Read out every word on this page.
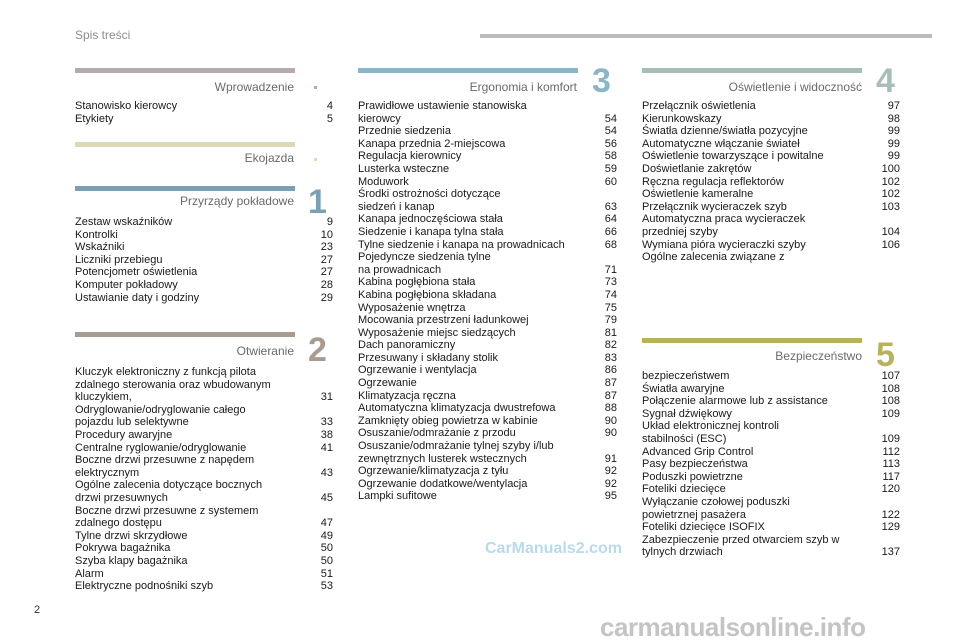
Spis treści
Wprowadzenie
Stanowisko kierowcy	4
Etykiety	5
Ekojazda
Przyrządy pokładowe 1
Zestaw wskaźników	9
Kontrolki	10
Wskaźniki	23
Liczniki przebiegu	27
Potencjometr oświetlenia	27
Komputer pokładowy	28
Ustawianie daty i godziny	29
Otwieranie 2
Kluczyk elektroniczny z funkcją pilota
zdalnego sterowania oraz wbudowanym
kluczykiem,	31
Odryglowanie/odryglowanie całego
pojazdu lub selektywne	33
Procedury awaryjne	38
Centralne ryglowanie/odryglowanie	41
Boczne drzwi przesuwne z napędem
elektrycznym	43
Ogólne zalecenia dotyczące bocznych
drzwi przesuwnych	45
Boczne drzwi przesuwne z systemem
zdalnego dostępu	47
Tylne drzwi skrzydłowe	49
Pokrywa bagażnika	50
Szyba klapy bagażnika	50
Alarm	51
Elektryczne podnośniki szyb	53
Ergonomia i komfort 3
Prawidłowe ustawienie stanowiska
kierowcy	54
Przednie siedzenia	54
Kanapa przednia 2-miejscowa	56
Regulacja kierownicy	58
Lusterka wsteczne	59
Moduwork	60
Środki ostrożności dotyczące
siedzeń i kanap	63
Kanapa jednoczęściowa stała	64
Siedzenie i kanapa tylna stała	66
Tylne siedzenie i kanapa na prowadnicach	68
Pojedyncze siedzenia tylne
na prowadnicach	71
Kabina pogłębiona stała	73
Kabina pogłębiona składana	74
Wyposażenie wnętrza	75
Mocowania przestrzeni ładunkowej	79
Wyposażenie miejsc siedzących	81
Dach panoramiczny	82
Przesuwany i składany stolik	83
Ogrzewanie i wentylacja	86
Ogrzewanie	87
Klimatyzacja ręczna	87
Automatyczna klimatyzacja dwustrefowa	88
Zamknięty obieg powietrza w kabinie	90
Osuszanie/odmrażanie z przodu	90
Osuszanie/odmrażanie tylnej szyby i/lub
zewnętrznych lusterek wstecznych	91
Ogrzewanie/klimatyzacja z tyłu	92
Ogrzewanie dodatkowe/wentylacja	92
Lampki sufitowe	95
Oświetlenie i widoczność 4
Przełącznik oświetlenia	97
Kierunkowskazy	98
Światła dzienne/światła pozycyjne	99
Automatyczne włączanie świateł	99
Oświetlenie towarzyszące i powitalne	99
Doświetlanie zakrętów	100
Ręczna regulacja reflektorów	102
Oświetlenie kameralne	102
Przełącznik wycieraczek szyb	103
Automatyczna praca wycieraczek
przedniej szyby	104
Wymiana pióra wycieraczki szyby	106
Ogólne zalecenia związane z
Bezpieczeństwo 5
bezpieczeństwem	107
Światła awaryjne	108
Połączenie alarmowe lub z assistance	108
Sygnał dźwiękowy	109
Układ elektronicznej kontroli
stabilności (ESC)	109
Advanced Grip Control	112
Pasy bezpieczeństwa	113
Poduszki powietrzne	117
Foteliki dziecięce	120
Wyłączanie czołowej poduszki
powietrznej pasażera	122
Foteliki dziecięce ISOFIX	129
Zabezpieczenie przed otwarciem szyb w
tylnych drzwiach	137
CarManuals2.com
carmanualsonline.info
2
